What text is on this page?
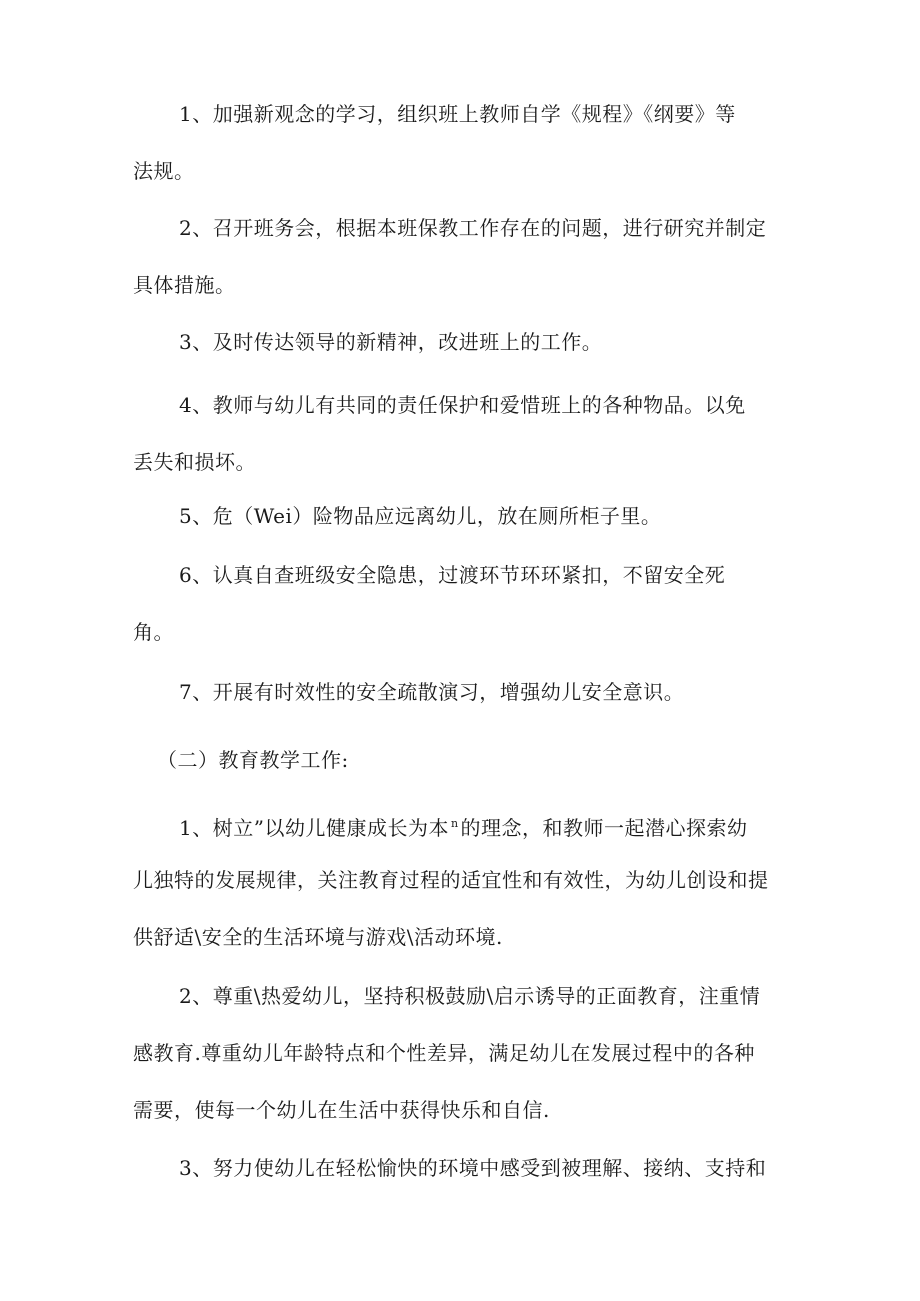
1、加强新观念的学习，组织班上教师自学《规程》《纲要》等
法规。

2、召开班务会，根据本班保教工作存在的问题，进行研究并制定
具体措施。

3、及时传达领导的新精神，改进班上的工作。

4、教师与幼儿有共同的责任保护和爱惜班上的各种物品。以免
丢失和损坏。

5、危（Wei）险物品应远离幼儿，放在厕所柜子里。

6、认真自查班级安全隐患，过渡环节环环紧扣，不留安全死
角。

7、开展有时效性的安全疏散演习，增强幼儿安全意识。

（二）教育教学工作:

1、树立”以幼儿健康成长为本 $^n$ 的理念，和教师一起潜心探索幼
儿独特的发展规律，关注教育过程的适宜性和有效性，为幼儿创设和提
供舒适\安全的生活环境与游戏\活动环境.

2、尊重\热爱幼儿，坚持积极鼓励\启示诱导的正面教育，注重情
感教育.尊重幼儿年龄特点和个性差异，满足幼儿在发展过程中的各种
需要，使每一个幼儿在生活中获得快乐和自信.

3、努力使幼儿在轻松愉快的环境中感受到被理解、接纳、支持和
